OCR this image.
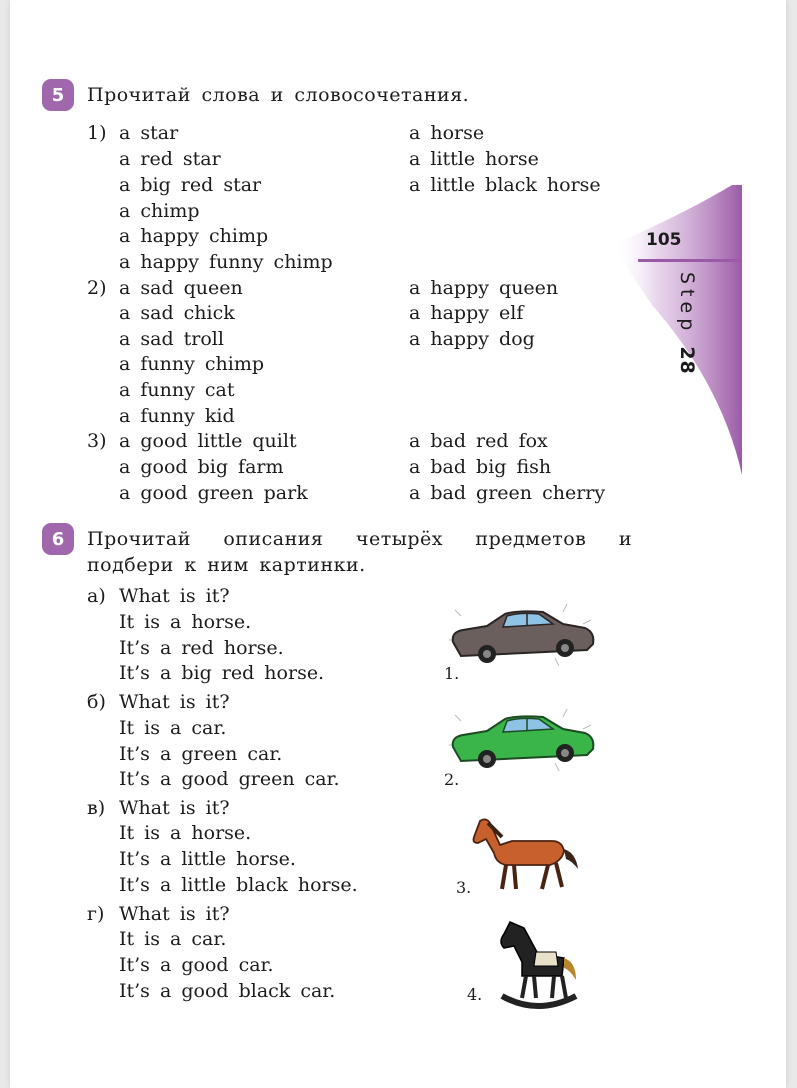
105
Step 28
5	Прочитай слова и словосочетания.
1) a star
a red star
a big red star
a chimp
a happy chimp
a happy funny chimp
a horse
a little horse
a little black horse
2) a sad queen
a sad chick
a sad troll
a funny chimp
a funny cat
a funny kid
a happy queen
a happy elf
a happy dog
3) a good little quilt
a good big farm
a good green park
a bad red fox
a bad big fish
a bad green cherry
6	Прочитай описания четырёх предметов и подбери к ним картинки.
а) What is it?
It is a horse.
It’s a red horse.
It’s a big red horse.
б) What is it?
It is a car.
It’s a green car.
It’s a good green car.
в) What is it?
It is a horse.
It’s a little horse.
It’s a little black horse.
г) What is it?
It is a car.
It’s a good car.
It’s a good black car.
1.
2.
3.
4.
